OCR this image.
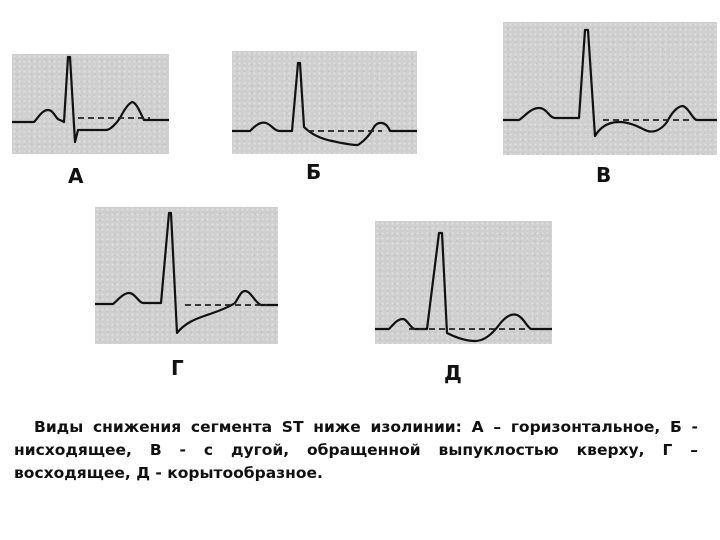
А	Б	В
Г	Д

Виды снижения сегмента ST ниже изолинии: А – горизонтальное, Б - нисходящее, В - с дугой, обращенной выпуклостью кверху, Г – восходящее, Д - корытообразное.
